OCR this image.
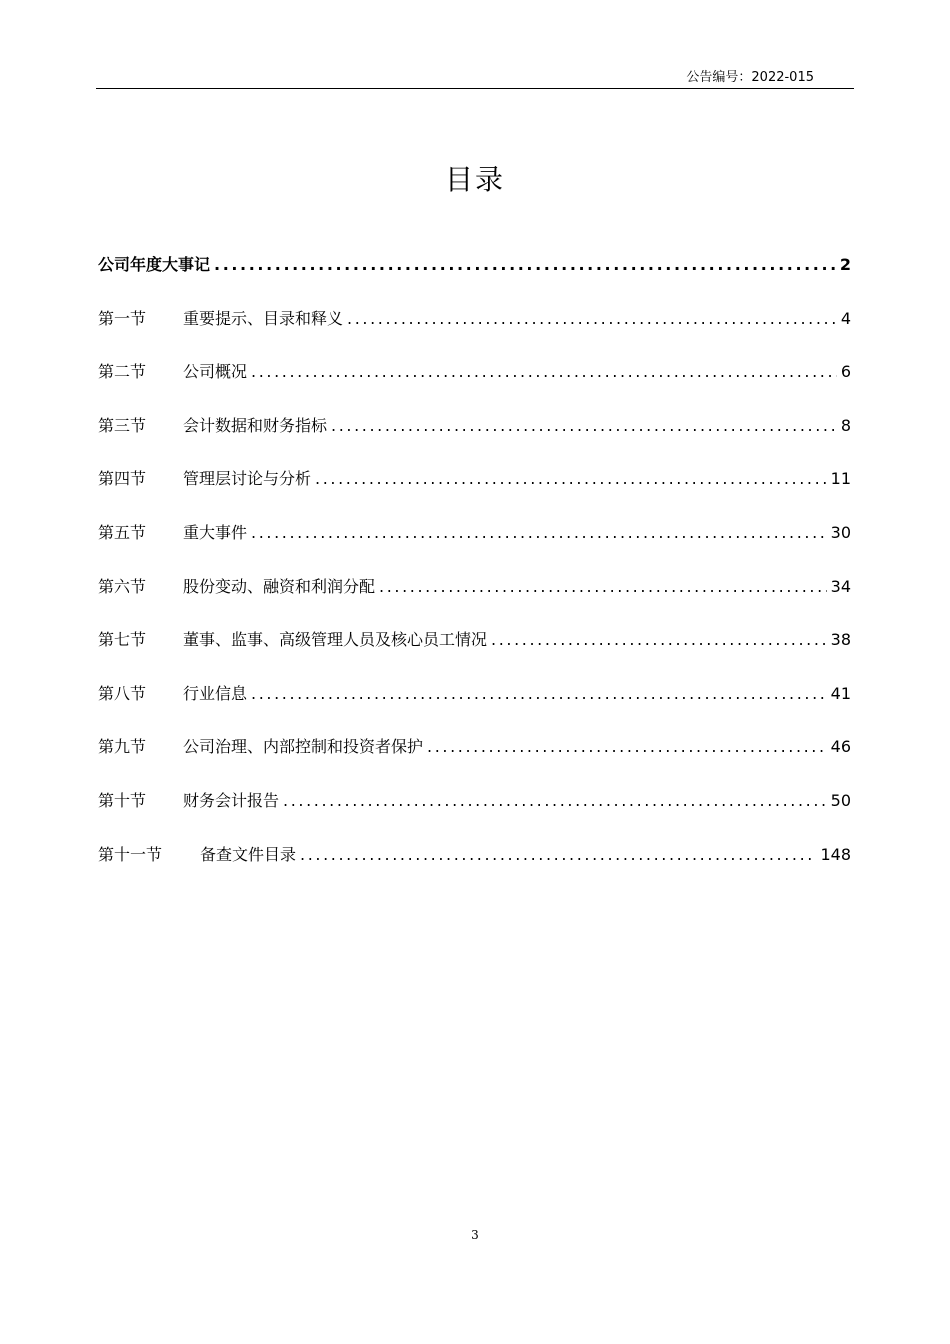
公告编号：2022-015
目录
公司年度大事记 .....	2
第一节	重要提示、目录和释义 .....	4
第二节	公司概况 .....	6
第三节	会计数据和财务指标 .....	8
第四节	管理层讨论与分析 .....	11
第五节	重大事件 .....	30
第六节	股份变动、融资和利润分配 .....	34
第七节	董事、监事、高级管理人员及核心员工情况 .....	38
第八节	行业信息 .....	41
第九节	公司治理、内部控制和投资者保护 .....	46
第十节	财务会计报告 .....	50
第十一节	备查文件目录 .....	148
3
